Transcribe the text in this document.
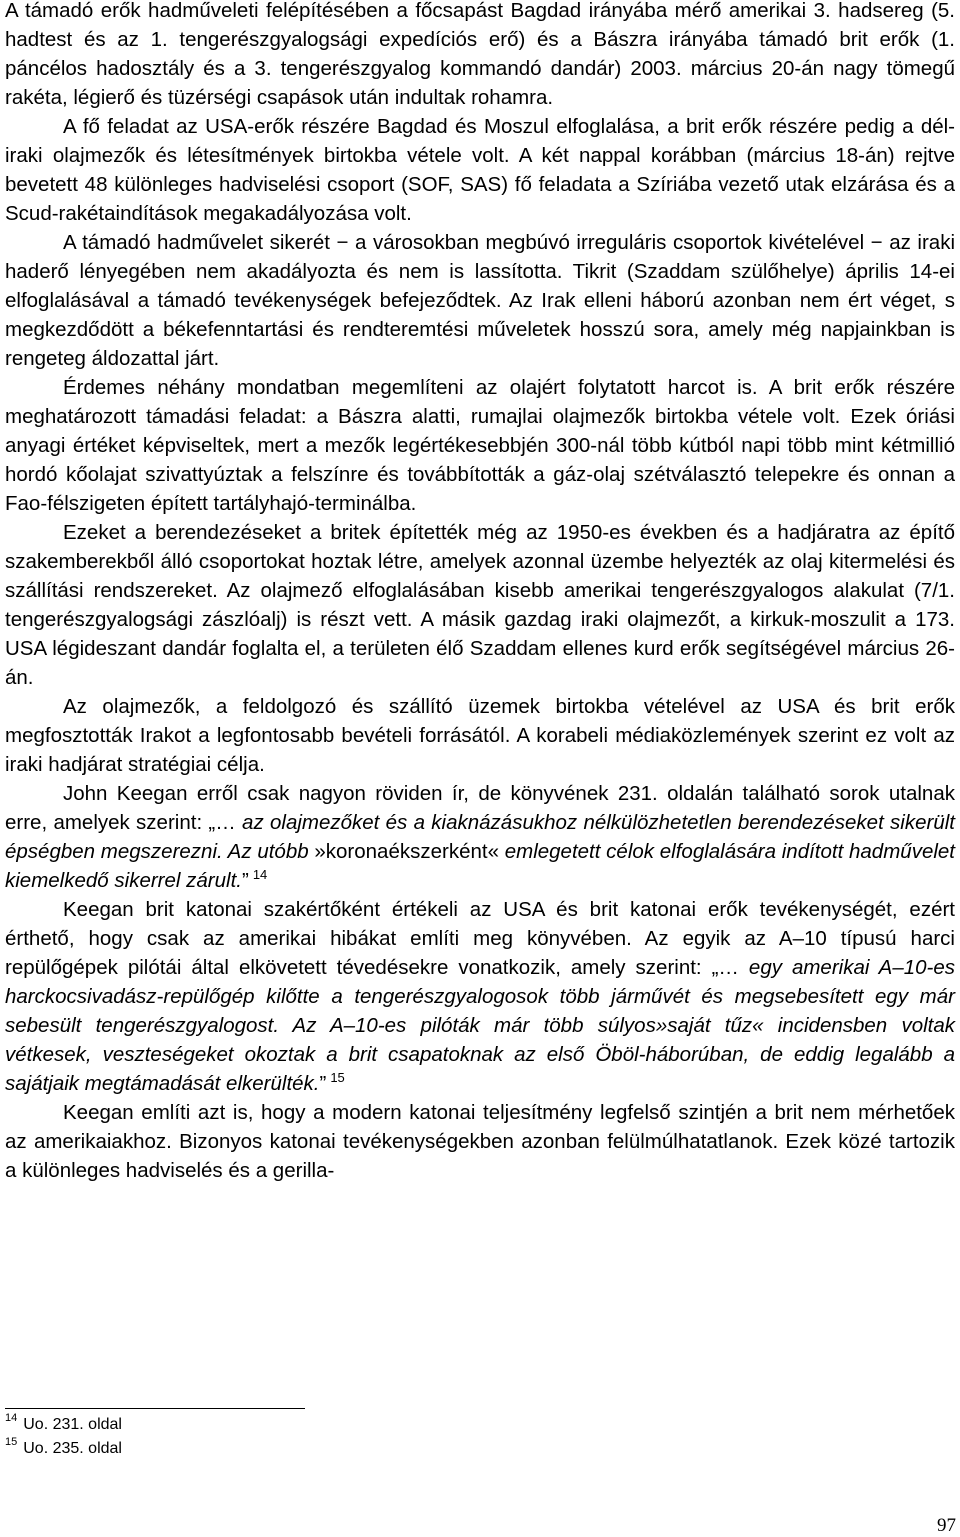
A támadó erők hadműveleti felépítésében a főcsapást Bagdad irányába mérő amerikai 3. hadsereg (5. hadtest és az 1. tengerészgyalogsági expedíciós erő) és a Bászra irányába támadó brit erők (1. páncélos hadosztály és a 3. tengerészgyalog kommandó dandár) 2003. március 20-án nagy tömegű rakéta, légierő és tüzérségi csapások után indultak rohamra.

A fő feladat az USA-erők részére Bagdad és Moszul elfoglalása, a brit erők részére pedig a dél-iraki olajmezők és létesítmények birtokba vétele volt. A két nappal korábban (március 18-án) rejtve bevetett 48 különleges hadviselési csoport (SOF, SAS) fő feladata a Szíriába vezető utak elzárása és a Scud-rakétaindítások megakadályozása volt.

A támadó hadművelet sikerét − a városokban megbúvó irreguláris csoportok kivételével − az iraki haderő lényegében nem akadályozta és nem is lassította. Tikrit (Szaddam szülőhelye) április 14-ei elfoglalásával a támadó tevékenységek befejeződtek. Az Irak elleni háború azonban nem ért véget, s megkezdődött a békefenntartási és rendteremtési műveletek hosszú sora, amely még napjainkban is rengeteg áldozattal járt.

Érdemes néhány mondatban megemlíteni az olajért folytatott harcot is. A brit erők részére meghatározott támadási feladat: a Bászra alatti, rumajlai olajmezők birtokba vétele volt. Ezek óriási anyagi értéket képviseltek, mert a mezők legértékesebbjén 300-nál több kútból napi több mint kétmillió hordó kőolajat szivattyúztak a felszínre és továbbították a gáz-olaj szétválasztó telepekre és onnan a Fao-félszigeten épített tartályhajó-terminálba.

Ezeket a berendezéseket a britek építették még az 1950-es években és a hadjáratra az építő szakemberekből álló csoportokat hoztak létre, amelyek azonnal üzembe helyezték az olaj kitermelési és szállítási rendszereket. Az olajmező elfoglalásában kisebb amerikai tengerészgyalogos alakulat (7/1. tengerészgyalogsági zászlóalj) is részt vett. A másik gazdag iraki olajmezőt, a kirkuk-moszulit a 173. USA légideszant dandár foglalta el, a területen élő Szaddam ellenes kurd erők segítségével március 26-án.

Az olajmezők, a feldolgozó és szállító üzemek birtokba vételével az USA és brit erők megfosztották Irakot a legfontosabb bevételi forrásától. A korabeli médiaközlemények szerint ez volt az iraki hadjárat stratégiai célja.

John Keegan erről csak nagyon röviden ír, de könyvének 231. oldalán található sorok utalnak erre, amelyek szerint: „… az olajmezőket és a kiaknázásukhoz nélkülözhetetlen berendezéseket sikerült épségben megszerezni. Az utóbb »koronaékszerként« emlegetett célok elfoglalására indított hadművelet kiemelkedő sikerrel zárult.” $^{14}$

Keegan brit katonai szakértőként értékeli az USA és brit katonai erők tevékenységét, ezért érthető, hogy csak az amerikai hibákat említi meg könyvében. Az egyik az A–10 típusú harci repülőgépek pilótái által elkövetett tévedésekre vonatkozik, amely szerint: „… egy amerikai A–10-es harckocsivadász-repülőgép kilőtte a tengerészgyalogosok több járművét és megsebesített egy már sebesült tengerészgyalogost. Az A–10-es pilóták már több súlyos»saját tűz« incidensben voltak vétkesek, veszteségeket okoztak a brit csapatoknak az első Öböl-háborúban, de eddig legalább a sajátjaik megtámadását elkerülték.” $^{15}$

Keegan említi azt is, hogy a modern katonai teljesítmény legfelső szintjén a brit nem mérhetőek az amerikaiakhoz. Bizonyos katonai tevékenységekben azonban felülmúlhatatlanok. Ezek közé tartozik a különleges hadviselés és a gerilla-

$^{14}$ Uo. 231. oldal
$^{15}$ Uo. 235. oldal
97
